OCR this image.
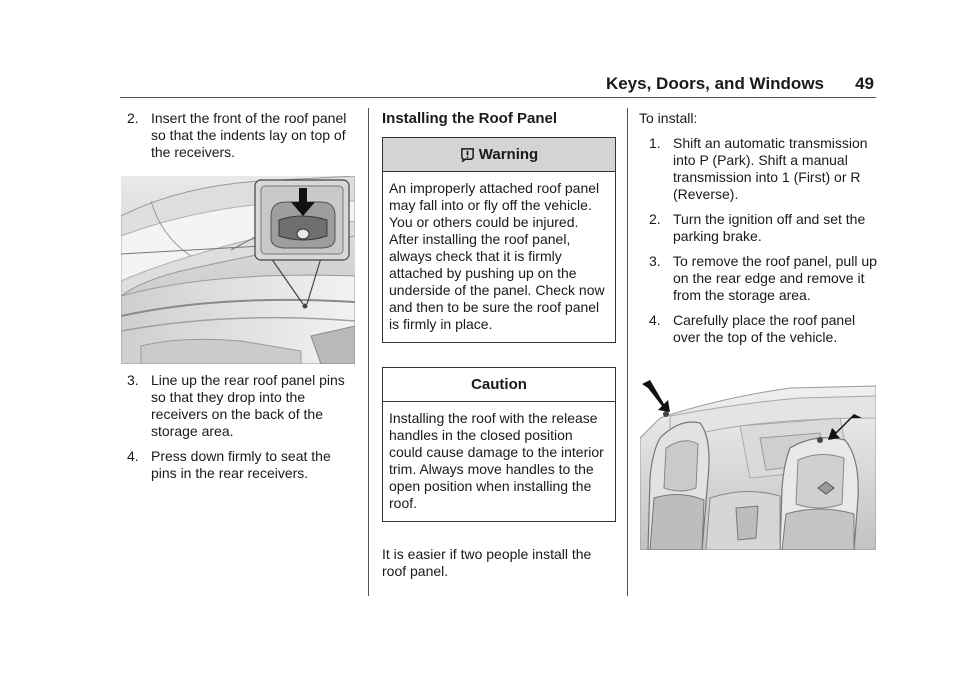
Keys, Doors, and Windows 49
2. Insert the front of the roof panel so that the indents lay on top of the receivers.
3. Line up the rear roof panel pins so that they drop into the receivers on the back of the storage area.
4. Press down firmly to seat the pins in the rear receivers.
Installing the Roof Panel
Warning
An improperly attached roof panel may fall into or fly off the vehicle. You or others could be injured. After installing the roof panel, always check that it is firmly attached by pushing up on the underside of the panel. Check now and then to be sure the roof panel is firmly in place.
Caution
Installing the roof with the release handles in the closed position could cause damage to the interior trim. Always move handles to the open position when installing the roof.
It is easier if two people install the roof panel.
To install:
1. Shift an automatic transmission into P (Park). Shift a manual transmission into 1 (First) or R (Reverse).
2. Turn the ignition off and set the parking brake.
3. To remove the roof panel, pull up on the rear edge and remove it from the storage area.
4. Carefully place the roof panel over the top of the vehicle.
